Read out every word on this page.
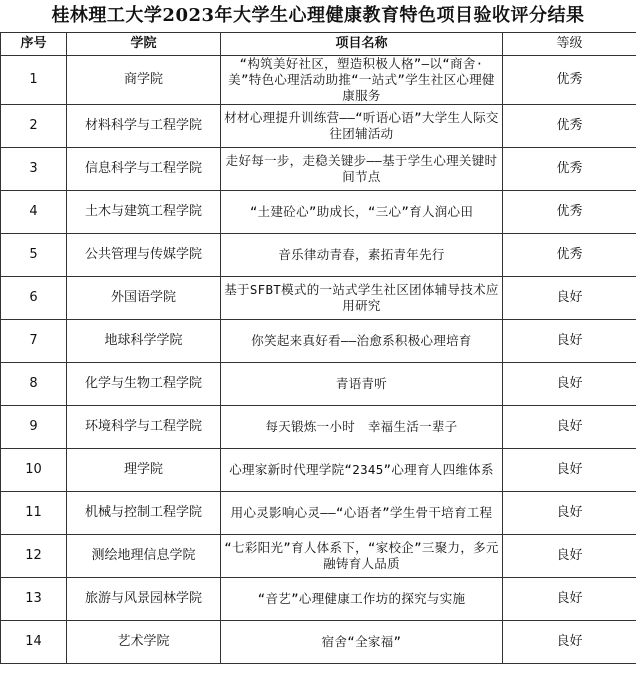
桂林理工大学2023年大学生心理健康教育特色项目验收评分结果
序号	学院	项目名称	等级
1	商学院	“构筑美好社区，塑造积极人格”—以“商舍·美”特色心理活动助推“一站式”学生社区心理健康服务	优秀
2	材料科学与工程学院	材材心理提升训练营——“听语心语”大学生人际交往团辅活动	优秀
3	信息科学与工程学院	走好每一步，走稳关键步——基于学生心理关键时间节点	优秀
4	土木与建筑工程学院	“土建砼心”助成长，“三心”育人润心田	优秀
5	公共管理与传媒学院	音乐律动青春，素拓青年先行	优秀
6	外国语学院	基于SFBT模式的一站式学生社区团体辅导技术应用研究	良好
7	地球科学学院	你笑起来真好看——治愈系积极心理培育	良好
8	化学与生物工程学院	青语青听	良好
9	环境科学与工程学院	每天锻炼一小时　幸福生活一辈子	良好
10	理学院	心理家新时代理学院“2345”心理育人四维体系	良好
11	机械与控制工程学院	用心灵影响心灵——“心语者”学生骨干培育工程	良好
12	测绘地理信息学院	“七彩阳光”育人体系下，“家校企”三聚力，多元融铸育人品质	良好
13	旅游与风景园林学院	“音艺”心理健康工作坊的探究与实施	良好
14	艺术学院	宿舍“全家福”	良好
